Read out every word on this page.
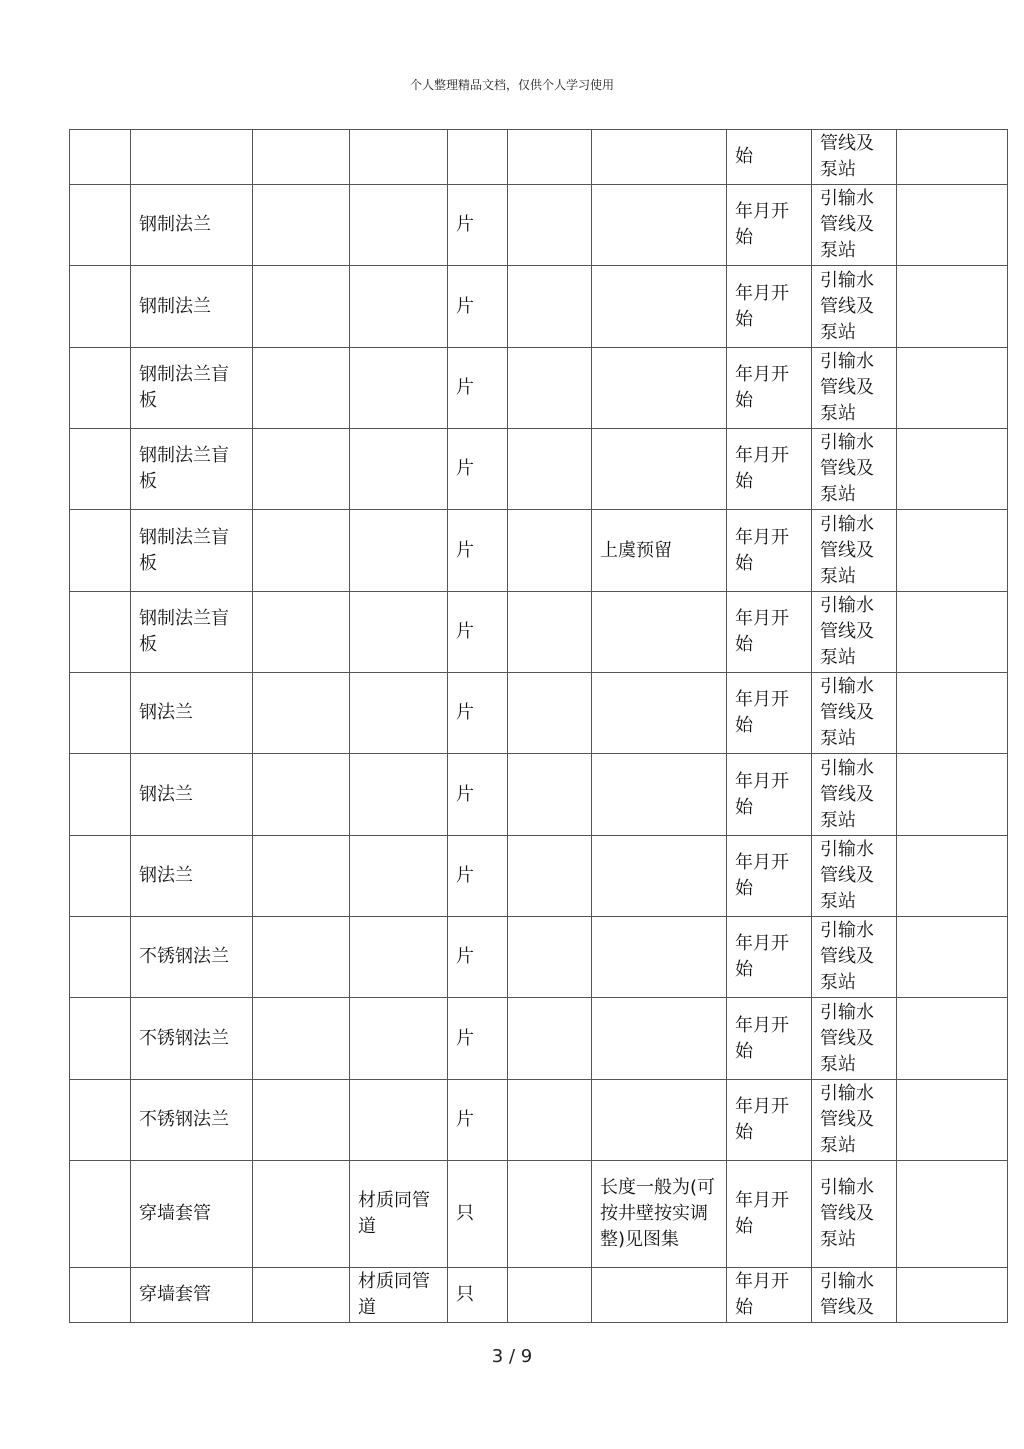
个人整理精品文档，仅供个人学习使用

							始	管线及泵站	

	钢制法兰			片			年月开始	引输水管线及泵站	

	钢制法兰			片			年月开始	引输水管线及泵站	

	钢制法兰盲板			片			年月开始	引输水管线及泵站	

	钢制法兰盲板			片			年月开始	引输水管线及泵站	

	钢制法兰盲板			片		上虞预留	年月开始	引输水管线及泵站	

	钢制法兰盲板			片			年月开始	引输水管线及泵站	

	钢法兰			片			年月开始	引输水管线及泵站	

	钢法兰			片			年月开始	引输水管线及泵站	

	钢法兰			片			年月开始	引输水管线及泵站	

	不锈钢法兰			片			年月开始	引输水管线及泵站	

	不锈钢法兰			片			年月开始	引输水管线及泵站	

	不锈钢法兰			片			年月开始	引输水管线及泵站	

	穿墙套管		材质同管道	只		长度一般为(可按井壁按实调整)见图集	年月开始	引输水管线及泵站	

	穿墙套管		材质同管道	只			年月开始	引输水管线及	

3 / 9
